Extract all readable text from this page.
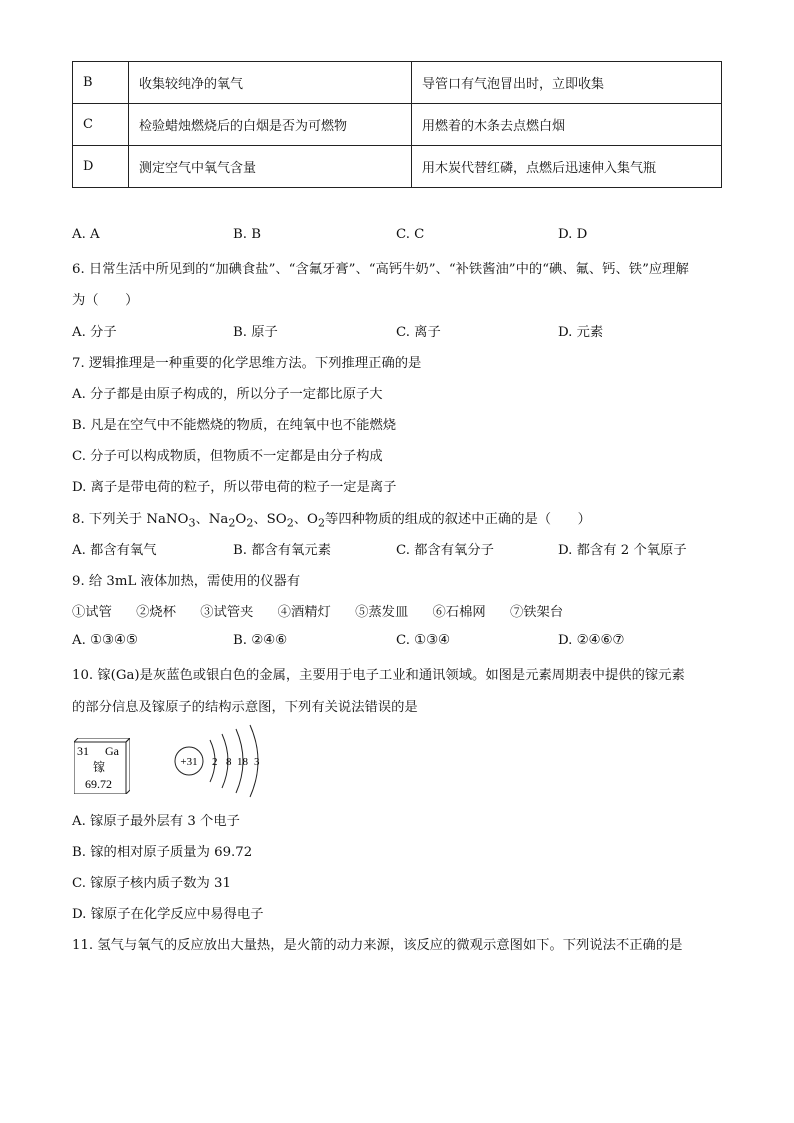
B	收集较纯净的氧气	导管口有气泡冒出时，立即收集
C	检验蜡烛燃烧后的白烟是否为可燃物	用燃着的木条去点燃白烟
D	测定空气中氧气含量	用木炭代替红磷，点燃后迅速伸入集气瓶
A. A	B. B	C. C	D. D
6. 日常生活中所见到的“加碘食盐”、“含氟牙膏”、“高钙牛奶”、“补铁酱油”中的“碘、氟、钙、铁”应理解
为（　　）
A. 分子	B. 原子	C. 离子	D. 元素
7. 逻辑推理是一种重要的化学思维方法。下列推理正确的是
A. 分子都是由原子构成的，所以分子一定都比原子大
B. 凡是在空气中不能燃烧的物质，在纯氧中也不能燃烧
C. 分子可以构成物质，但物质不一定都是由分子构成
D. 离子是带电荷的粒子，所以带电荷的粒子一定是离子
8. 下列关于 NaNO$_3$、$Na_2O_2$、$SO_2$、$O_2$等四种物质的组成的叙述中正确的是（　　）
A. 都含有氧气	B. 都含有氧元素	C. 都含有氧分子	D. 都含有 2 个氧原子
9. 给 3mL 液体加热，需使用的仪器有
①试管 ②烧杯 ③试管夹 ④酒精灯 ⑤蒸发皿 ⑥石棉网 ⑦铁架台
A. ①③④⑤	B. ②④⑥	C. ①③④	D. ②④⑥⑦
10. 镓(Ga)是灰蓝色或银白色的金属，主要用于电子工业和通讯领域。如图是元素周期表中提供的镓元素
的部分信息及镓原子的结构示意图，下列有关说法错误的是
31 Ga
镓
69.72
+31 2 8 18 3
A. 镓原子最外层有 3 个电子
B. 镓的相对原子质量为 69.72
C. 镓原子核内质子数为 31
D. 镓原子在化学反应中易得电子
11. 氢气与氧气的反应放出大量热，是火箭的动力来源，该反应的微观示意图如下。下列说法不正确的是
